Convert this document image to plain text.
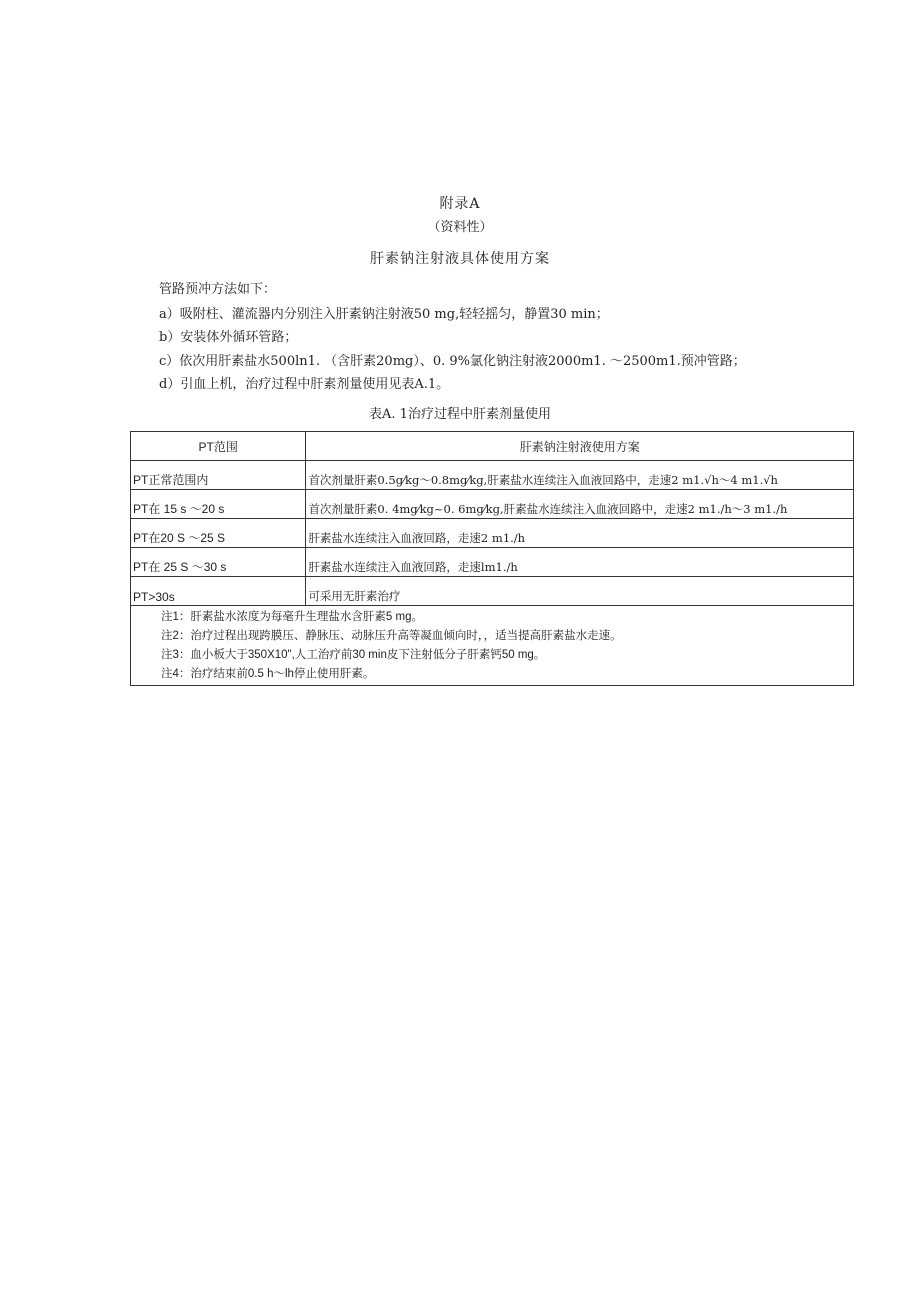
附录A
（资料性）
肝素钠注射液具体使用方案
管路预冲方法如下：
a）吸附柱、灌流器内分别注入肝素钠注射液50 mg,轻轻摇匀，静置30 min；
b）安装体外循环管路；
c）依次用肝素盐水500ln1. （含肝素20mg）、0. 9%氯化钠注射液2000m1. ～2500m1.预冲管路；
d）引血上机，治疗过程中肝素剂量使用见表A.1。
表A. 1治疗过程中肝素剂量使用
PT范围	肝素钠注射液使用方案
PT正常范围内	首次剂量肝素0.5g⁄kg～0.8mg⁄kg,肝素盐水连续注入血液回路中，走速2 m1.√h～4 m1.√h
PT在 15 s ～20 s	首次剂量肝素0. 4mg⁄kg~0. 6mg⁄kg,肝素盐水连续注入血液回路中，走速2 m1./h～3 m1./h
PT在20 S ～25 S	肝素盐水连续注入血液回路，走速2 m1./h
PT在 25 S ～30 s	肝素盐水连续注入血液回路，走速lm1./h
PT>30s	可采用无肝素治疗

注1：肝素盐水浓度为每毫升生理盐水含肝素5 mg。
注2：治疗过程出现跨膜压、静脉压、动脉压升高等凝血倾向时，，适当提高肝素盐水走速。
注3：血小板大于350X10",人工治疗前30 min皮下注射低分子肝素钙50 mg。
注4：治疗结束前0.5 h～lh停止使用肝素。	
